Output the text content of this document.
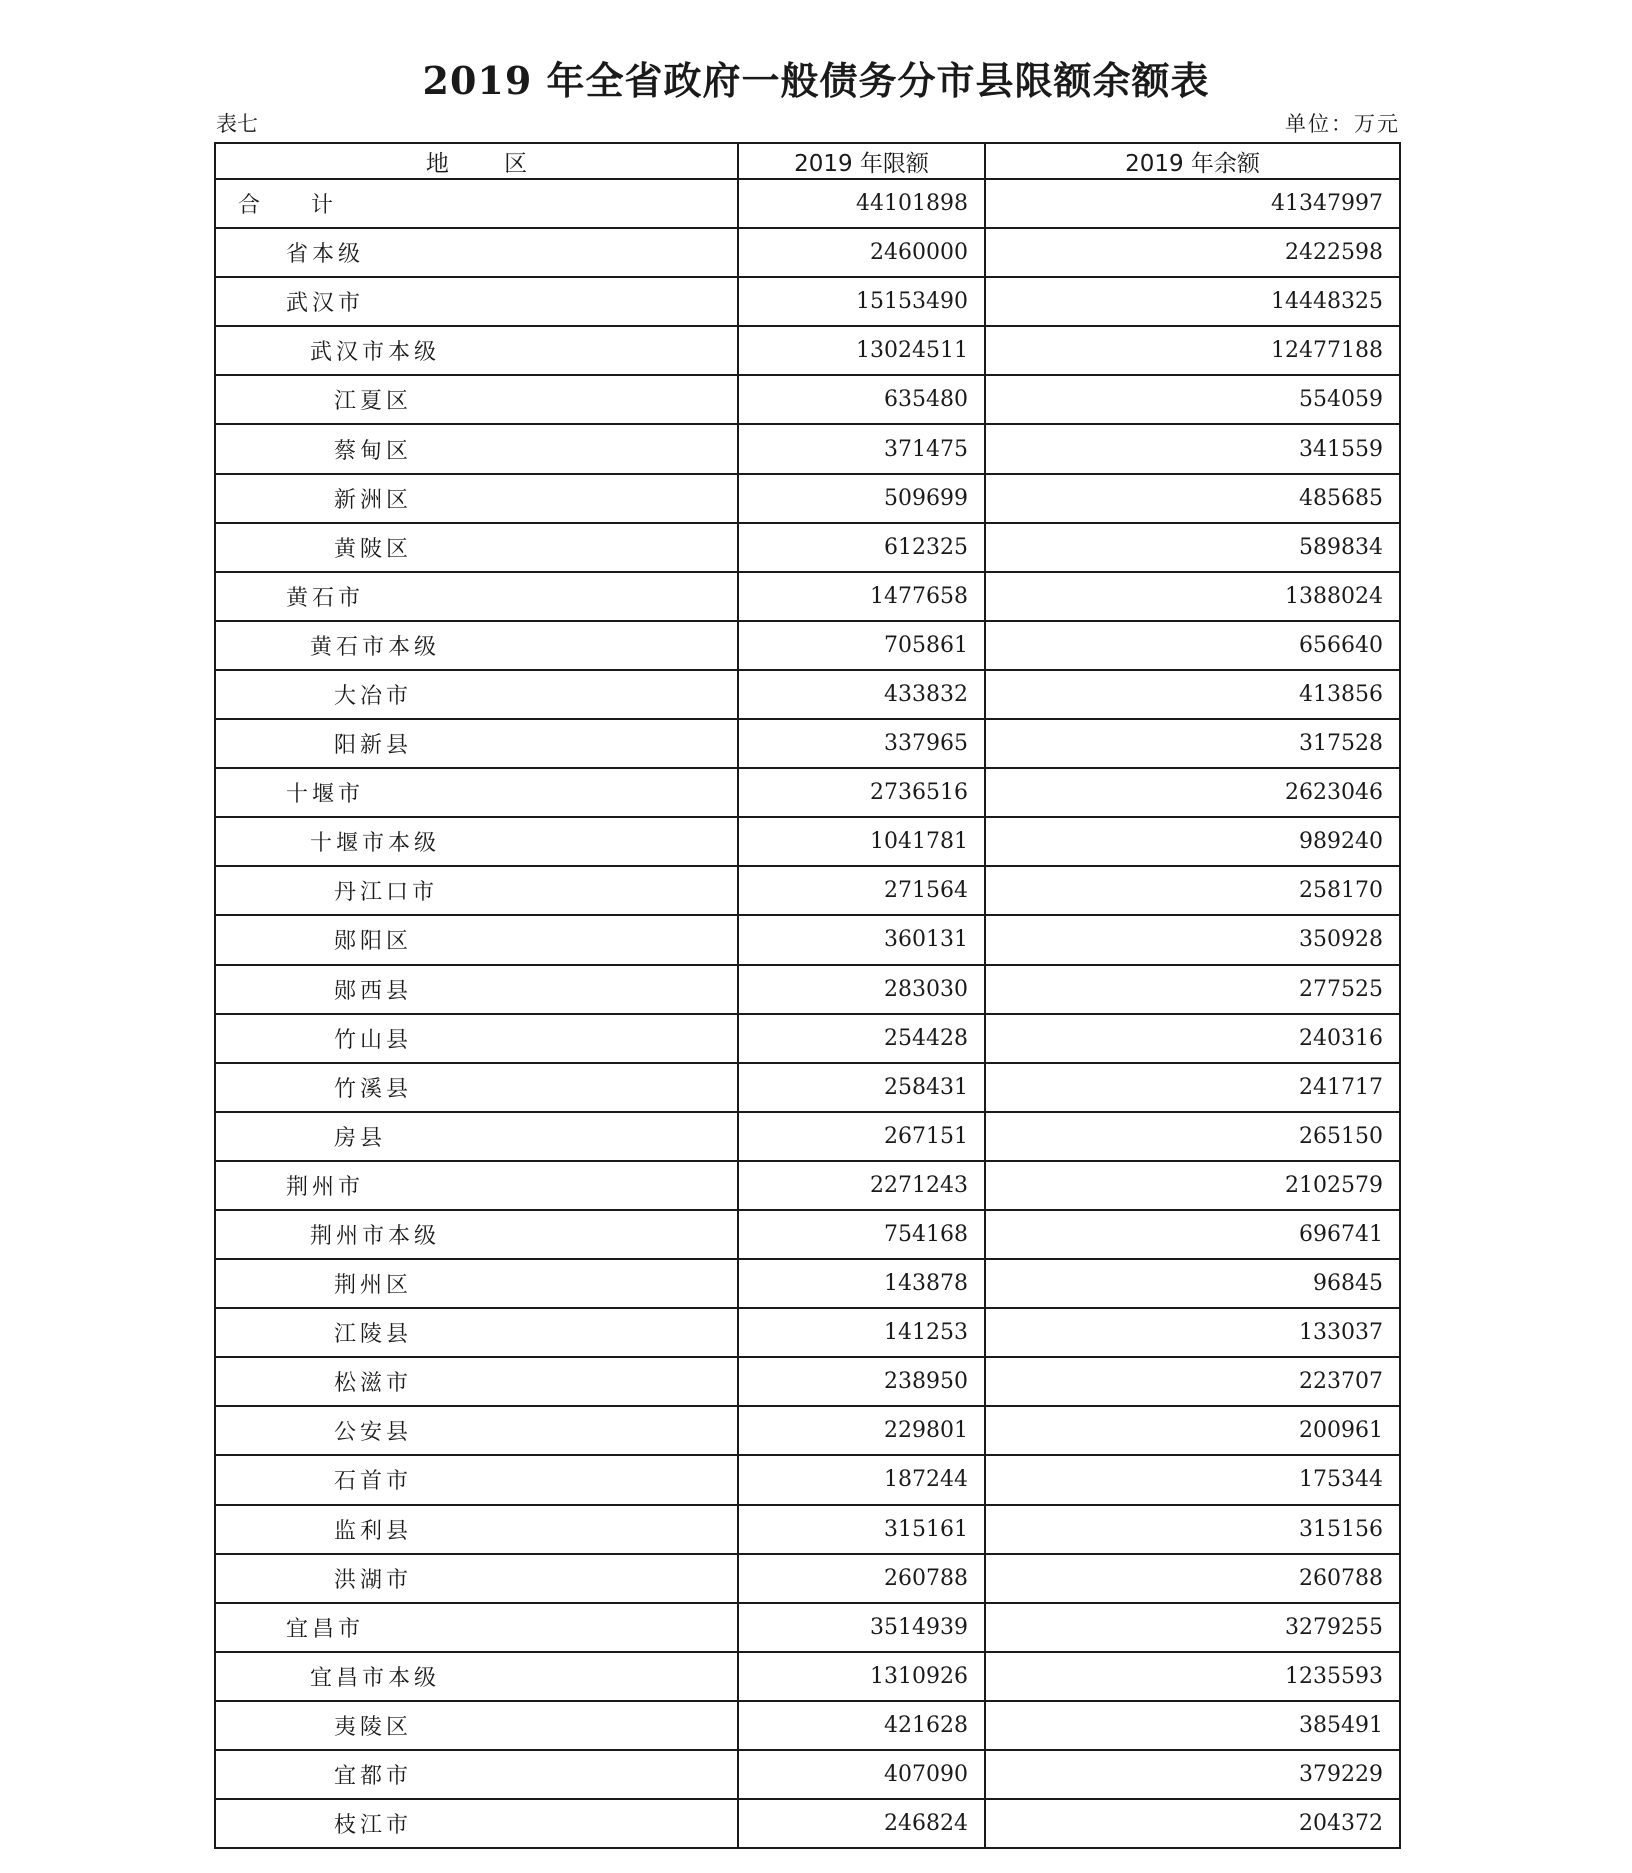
2019 年全省政府一般债务分市县限额余额表
表七	单位：万元
地 区	2019 年限额	2019 年余额
合 计	44101898	41347997
省本级	2460000	2422598
武汉市	15153490	14448325
武汉市本级	13024511	12477188
江夏区	635480	554059
蔡甸区	371475	341559
新洲区	509699	485685
黄陂区	612325	589834
黄石市	1477658	1388024
黄石市本级	705861	656640
大冶市	433832	413856
阳新县	337965	317528
十堰市	2736516	2623046
十堰市本级	1041781	989240
丹江口市	271564	258170
郧阳区	360131	350928
郧西县	283030	277525
竹山县	254428	240316
竹溪县	258431	241717
房县	267151	265150
荆州市	2271243	2102579
荆州市本级	754168	696741
荆州区	143878	96845
江陵县	141253	133037
松滋市	238950	223707
公安县	229801	200961
石首市	187244	175344
监利县	315161	315156
洪湖市	260788	260788
宜昌市	3514939	3279255
宜昌市本级	1310926	1235593
夷陵区	421628	385491
宜都市	407090	379229
枝江市	246824	204372
